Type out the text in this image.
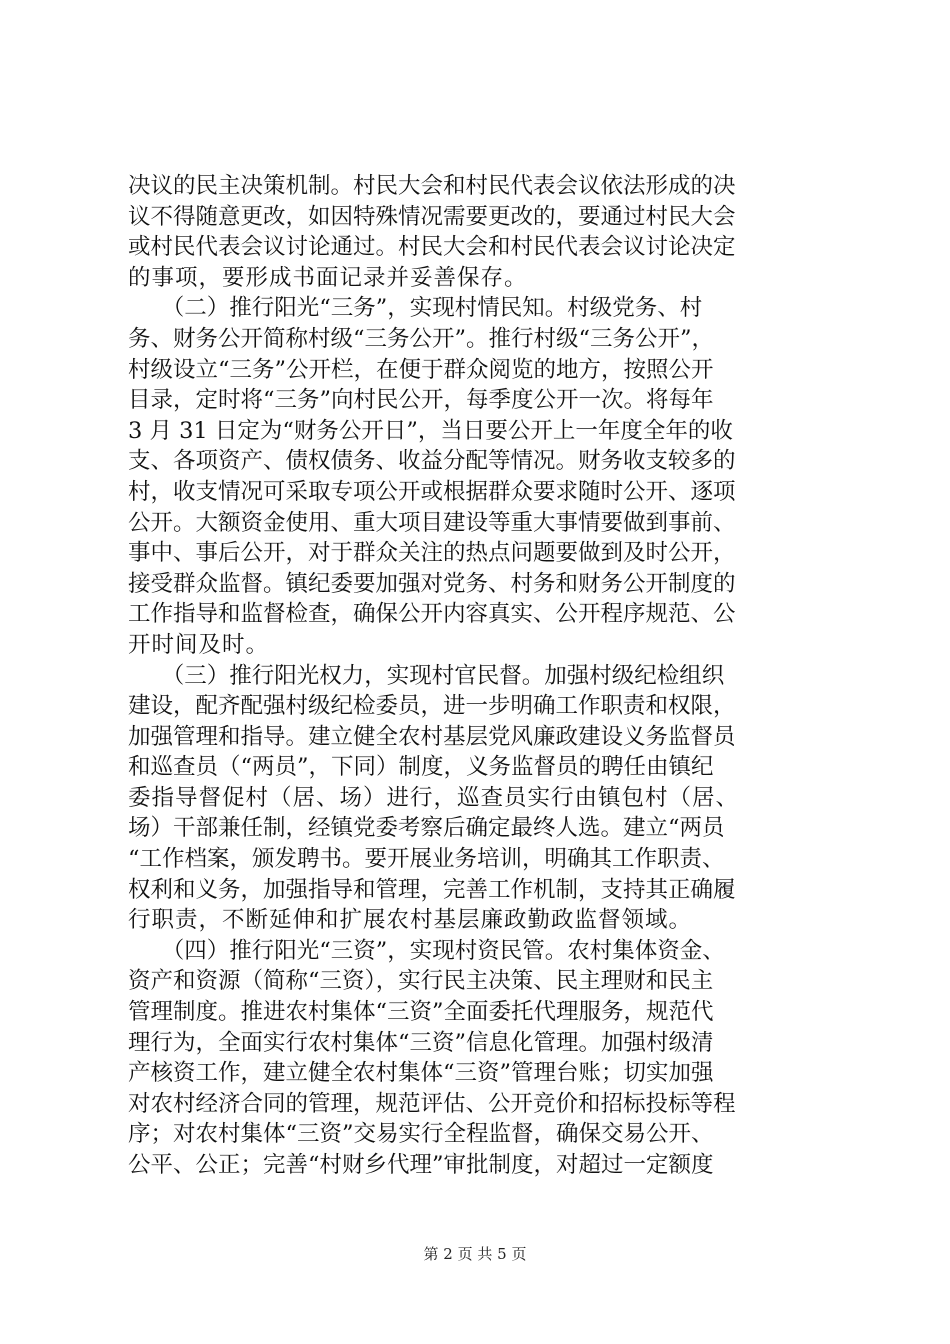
决议的民主决策机制。村民大会和村民代表会议依法形成的决
议不得随意更改，如因特殊情况需要更改的，要通过村民大会
或村民代表会议讨论通过。村民大会和村民代表会议讨论决定
的事项，要形成书面记录并妥善保存。
　　（二）推行阳光“三务”，实现村情民知。村级党务、村
务、财务公开简称村级“三务公开”。推行村级“三务公开”，
村级设立“三务”公开栏，在便于群众阅览的地方，按照公开
目录，定时将“三务”向村民公开，每季度公开一次。将每年
3 月 31 日定为“财务公开日”，当日要公开上一年度全年的收
支、各项资产、债权债务、收益分配等情况。财务收支较多的
村，收支情况可采取专项公开或根据群众要求随时公开、逐项
公开。大额资金使用、重大项目建设等重大事情要做到事前、
事中、事后公开，对于群众关注的热点问题要做到及时公开，
接受群众监督。镇纪委要加强对党务、村务和财务公开制度的
工作指导和监督检查，确保公开内容真实、公开程序规范、公
开时间及时。
　　（三）推行阳光权力，实现村官民督。加强村级纪检组织
建设，配齐配强村级纪检委员，进一步明确工作职责和权限，
加强管理和指导。建立健全农村基层党风廉政建设义务监督员
和巡查员（“两员”，下同）制度，义务监督员的聘任由镇纪
委指导督促村（居、场）进行，巡查员实行由镇包村（居、
场）干部兼任制，经镇党委考察后确定最终人选。建立“两员
“工作档案，颁发聘书。要开展业务培训，明确其工作职责、
权利和义务，加强指导和管理，完善工作机制，支持其正确履
行职责，不断延伸和扩展农村基层廉政勤政监督领域。
　　（四）推行阳光“三资”，实现村资民管。农村集体资金、
资产和资源（简称“三资），实行民主决策、民主理财和民主
管理制度。推进农村集体“三资”全面委托代理服务，规范代
理行为，全面实行农村集体“三资”信息化管理。加强村级清
产核资工作，建立健全农村集体“三资”管理台账；切实加强
对农村经济合同的管理，规范评估、公开竞价和招标投标等程
序；对农村集体“三资”交易实行全程监督，确保交易公开、
公平、公正；完善“村财乡代理”审批制度，对超过一定额度
第 2 页 共 5 页
